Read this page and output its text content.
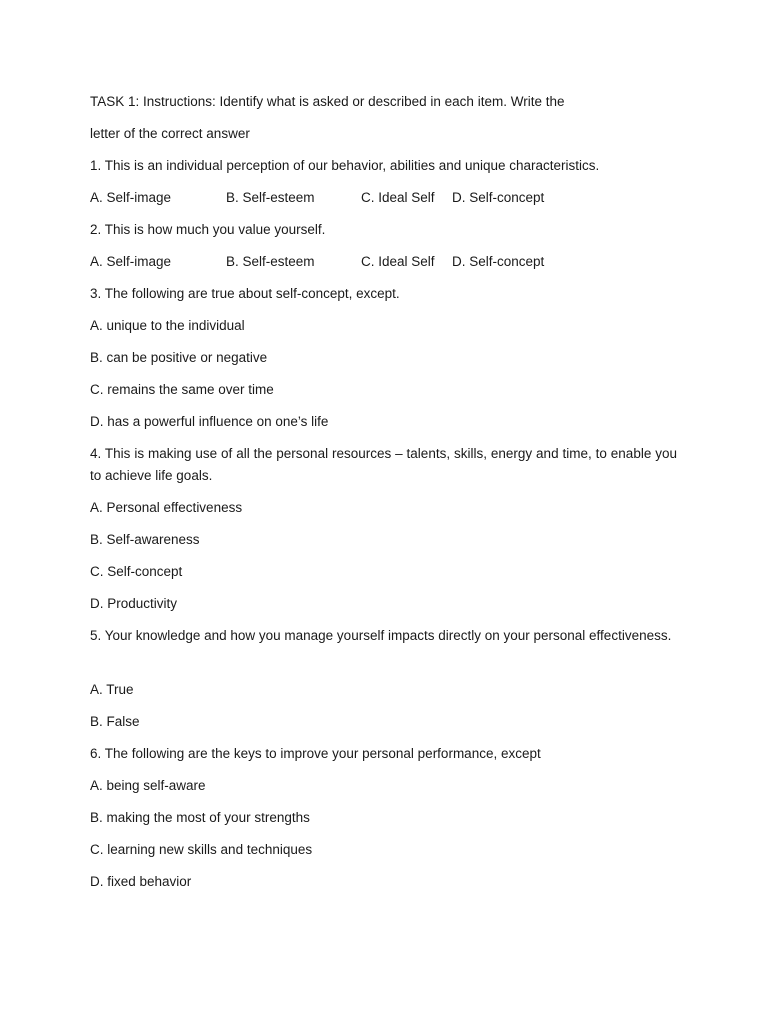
TASK 1: Instructions: Identify what is asked or described in each item. Write the
letter of the correct answer
1. This is an individual perception of our behavior, abilities and unique characteristics.
A. Self-image	B. Self-esteem	C. Ideal Self D. Self-concept
2. This is how much you value yourself.
A. Self-image	B. Self-esteem	C. Ideal Self D. Self-concept
3. The following are true about self-concept, except.
A. unique to the individual
B. can be positive or negative
C. remains the same over time
D. has a powerful influence on one’s life
4. This is making use of all the personal resources – talents, skills, energy and time, to enable you to achieve life goals.
A. Personal effectiveness
B. Self-awareness
C. Self-concept
D. Productivity
5. Your knowledge and how you manage yourself impacts directly on your personal effectiveness.
A. True
B. False
6. The following are the keys to improve your personal performance, except
A. being self-aware
B. making the most of your strengths
C. learning new skills and techniques
D. fixed behavior
